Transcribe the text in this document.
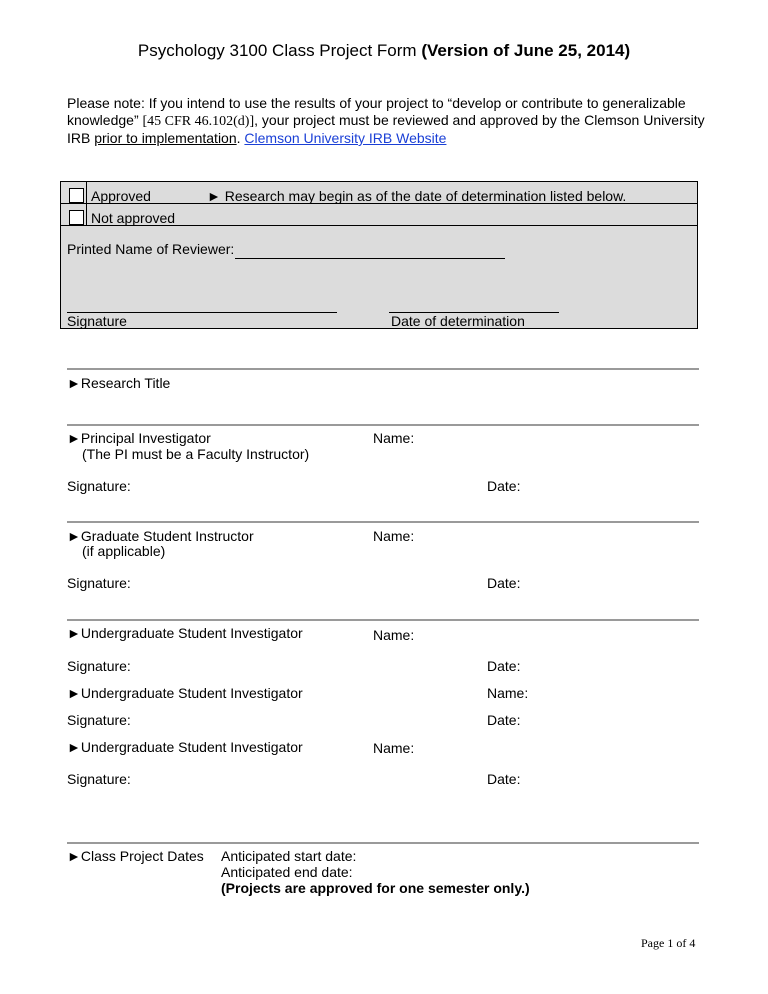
Psychology 3100 Class Project Form (Version of June 25, 2014)
Please note: If you intend to use the results of your project to “develop or contribute to generalizable knowledge” [45 CFR 46.102(d)], your project must be reviewed and approved by the Clemson University IRB prior to implementation. Clemson University IRB Website
Approved	► Research may begin as of the date of determination listed below.
Not approved
Printed Name of Reviewer:
Signature	Date of determination
►Research Title
►Principal Investigator
(The PI must be a Faculty Instructor)
Name:
Signature:	Date:
►Graduate Student Instructor
(if applicable)
Name:
Signature:	Date:
►Undergraduate Student Investigator	Name:
Signature:	Date:
►Undergraduate Student Investigator	Name:
Signature:	Date:
►Undergraduate Student Investigator	Name:
Signature:	Date:
►Class Project Dates Anticipated start date:
Anticipated end date:
(Projects are approved for one semester only.)
Page 1 of 4
